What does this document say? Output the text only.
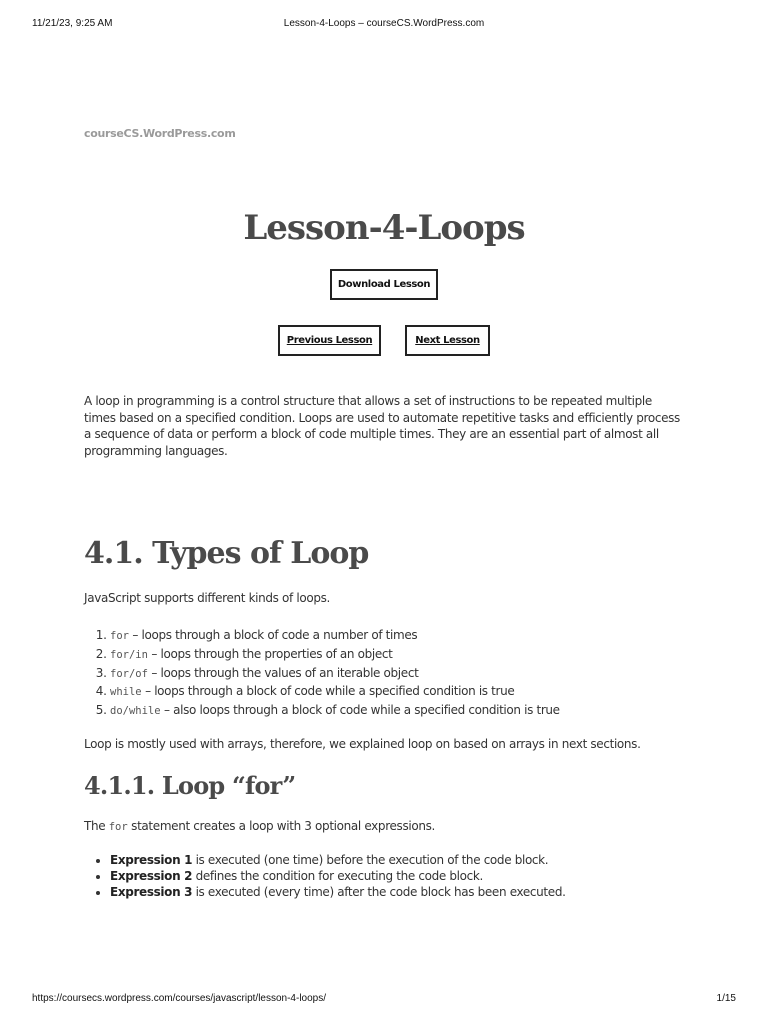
11/21/23, 9:25 AM	Lesson-4-Loops – courseCS.WordPress.com
courseCS.WordPress.com
Lesson-4-Loops
Download Lesson
Previous Lesson	Next Lesson

A loop in programming is a control structure that allows a set of instructions to be repeated multiple times based on a specified condition. Loops are used to automate repetitive tasks and efficiently process a sequence of data or perform a block of code multiple times. They are an essential part of almost all programming languages.

4.1. Types of Loop

JavaScript supports different kinds of loops.

1. for – loops through a block of code a number of times
2. for/in – loops through the properties of an object
3. for/of – loops through the values of an iterable object
4. while – loops through a block of code while a specified condition is true
5. do/while – also loops through a block of code while a specified condition is true

Loop is mostly used with arrays, therefore, we explained loop on based on arrays in next sections.

4.1.1. Loop “for”

The for statement creates a loop with 3 optional expressions.

• Expression 1 is executed (one time) before the execution of the code block.
• Expression 2 defines the condition for executing the code block.
• Expression 3 is executed (every time) after the code block has been executed.
https://coursecs.wordpress.com/courses/javascript/lesson-4-loops/	1/15
